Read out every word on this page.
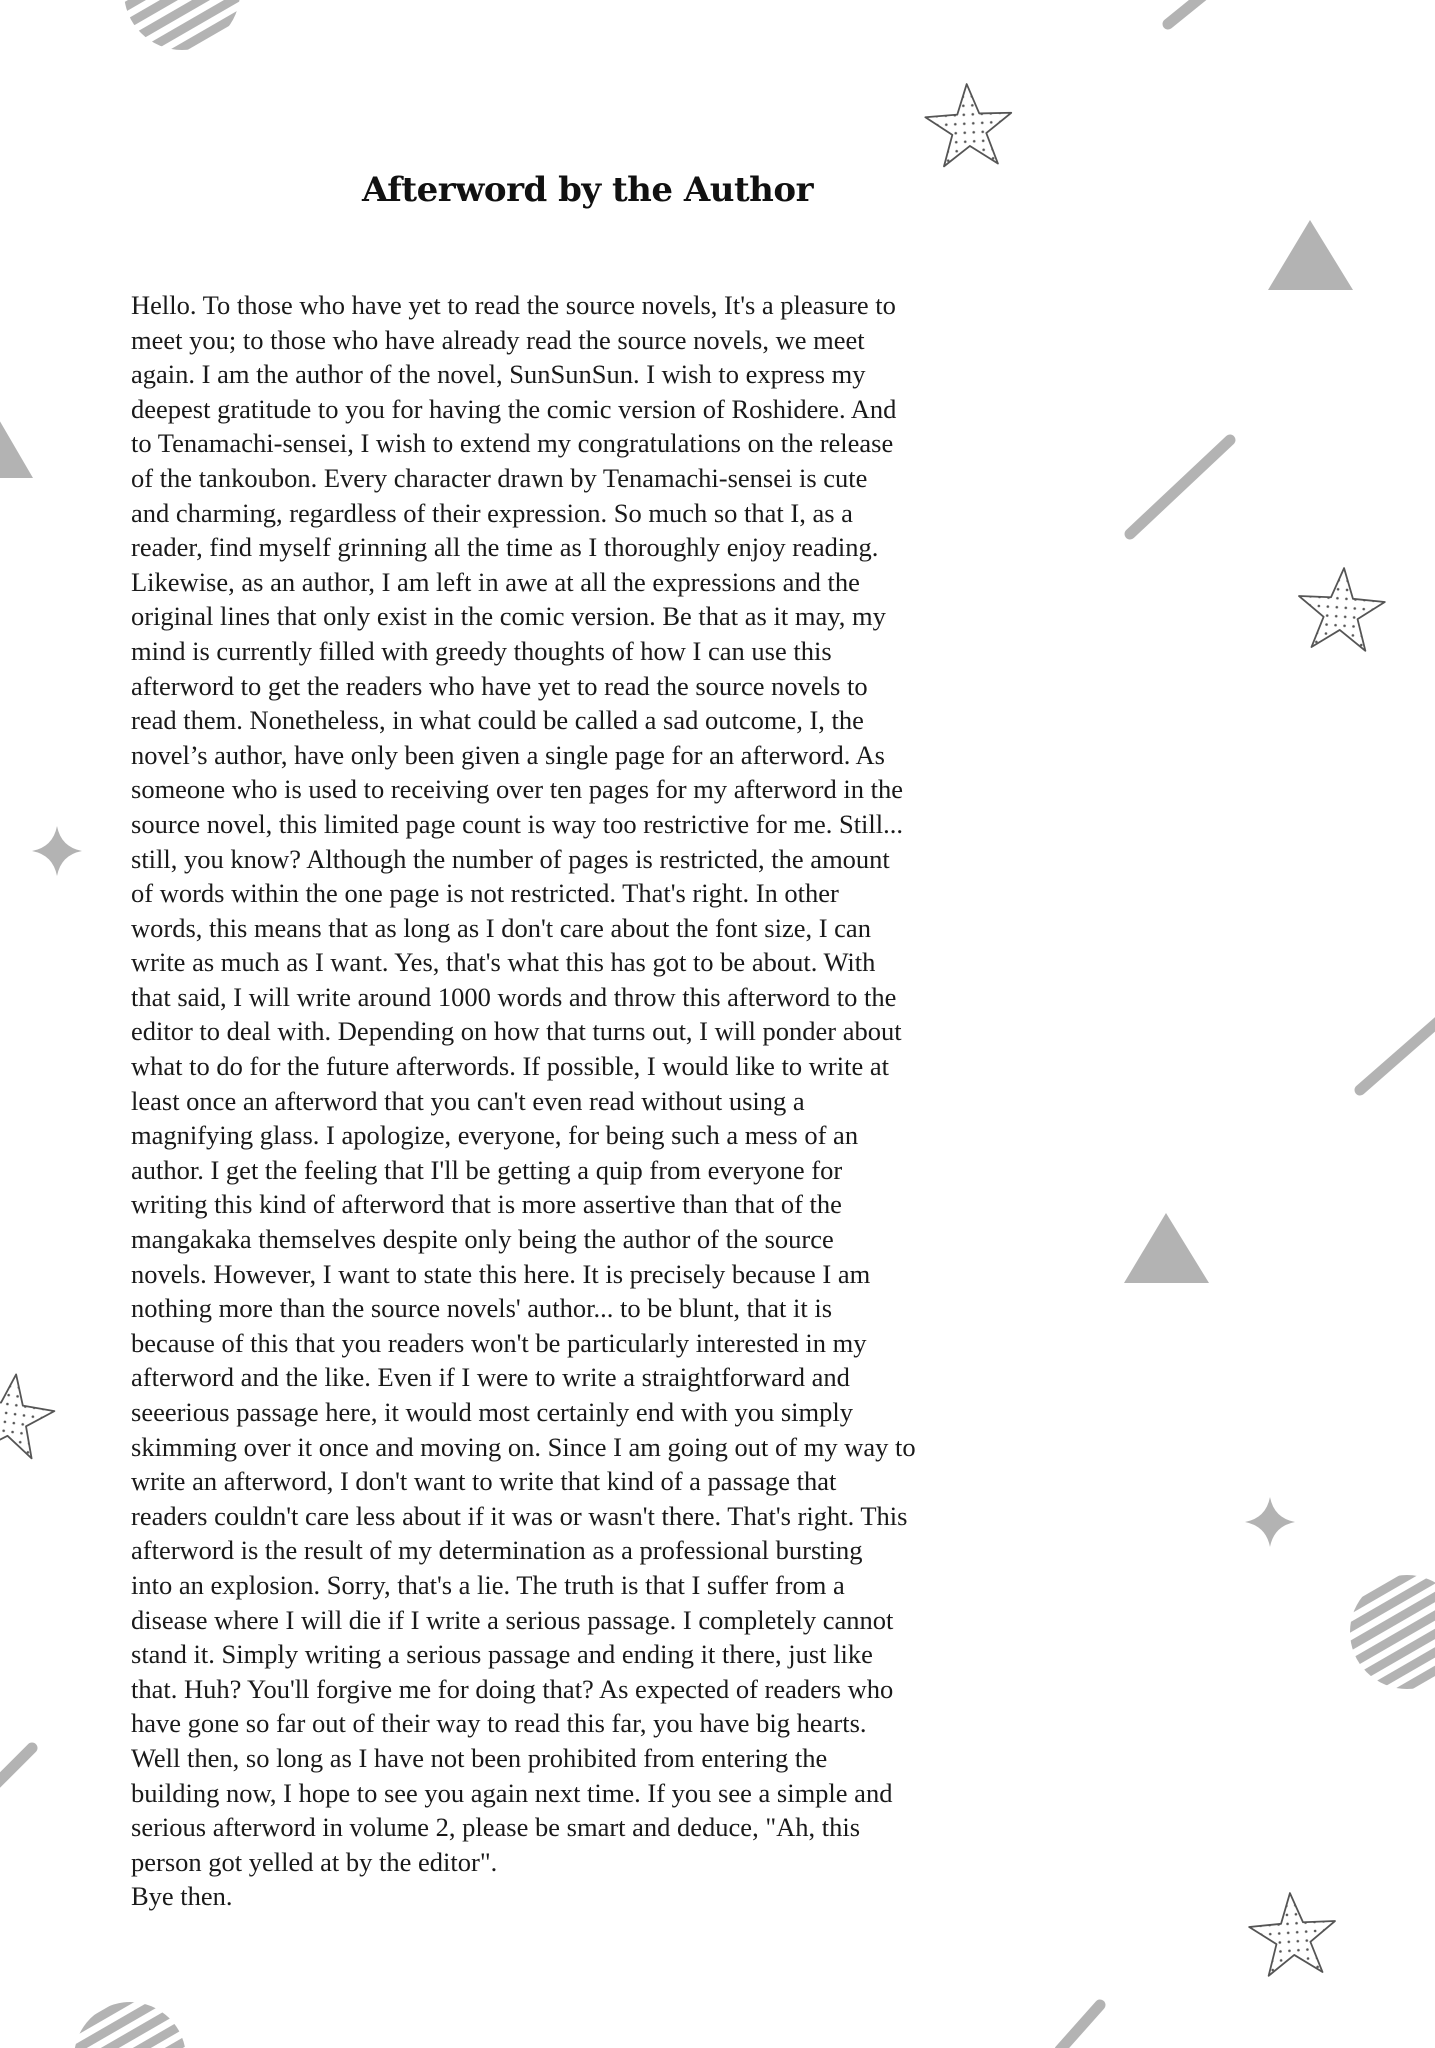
Afterword by the Author
Hello. To those who have yet to read the source novels, It's a pleasure to
meet you; to those who have already read the source novels, we meet
again. I am the author of the novel, SunSunSun. I wish to express my
deepest gratitude to you for having the comic version of Roshidere. And
to Tenamachi-sensei, I wish to extend my congratulations on the release
of the tankoubon. Every character drawn by Tenamachi-sensei is cute
and charming, regardless of their expression. So much so that I, as a
reader, find myself grinning all the time as I thoroughly enjoy reading.
Likewise, as an author, I am left in awe at all the expressions and the
original lines that only exist in the comic version. Be that as it may, my
mind is currently filled with greedy thoughts of how I can use this
afterword to get the readers who have yet to read the source novels to
read them. Nonetheless, in what could be called a sad outcome, I, the
novel’s author, have only been given a single page for an afterword. As
someone who is used to receiving over ten pages for my afterword in the
source novel, this limited page count is way too restrictive for me. Still...
still, you know? Although the number of pages is restricted, the amount
of words within the one page is not restricted. That's right. In other
words, this means that as long as I don't care about the font size, I can
write as much as I want. Yes, that's what this has got to be about. With
that said, I will write around 1000 words and throw this afterword to the
editor to deal with. Depending on how that turns out, I will ponder about
what to do for the future afterwords. If possible, I would like to write at
least once an afterword that you can't even read without using a
magnifying glass. I apologize, everyone, for being such a mess of an
author. I get the feeling that I'll be getting a quip from everyone for
writing this kind of afterword that is more assertive than that of the
mangakaka themselves despite only being the author of the source
novels. However, I want to state this here. It is precisely because I am
nothing more than the source novels' author... to be blunt, that it is
because of this that you readers won't be particularly interested in my
afterword and the like. Even if I were to write a straightforward and
seeerious passage here, it would most certainly end with you simply
skimming over it once and moving on. Since I am going out of my way to
write an afterword, I don't want to write that kind of a passage that
readers couldn't care less about if it was or wasn't there. That's right. This
afterword is the result of my determination as a professional bursting
into an explosion. Sorry, that's a lie. The truth is that I suffer from a
disease where I will die if I write a serious passage. I completely cannot
stand it. Simply writing a serious passage and ending it there, just like
that. Huh? You'll forgive me for doing that? As expected of readers who
have gone so far out of their way to read this far, you have big hearts.
Well then, so long as I have not been prohibited from entering the
building now, I hope to see you again next time. If you see a simple and
serious afterword in volume 2, please be smart and deduce, "Ah, this
person got yelled at by the editor".
Bye then.
